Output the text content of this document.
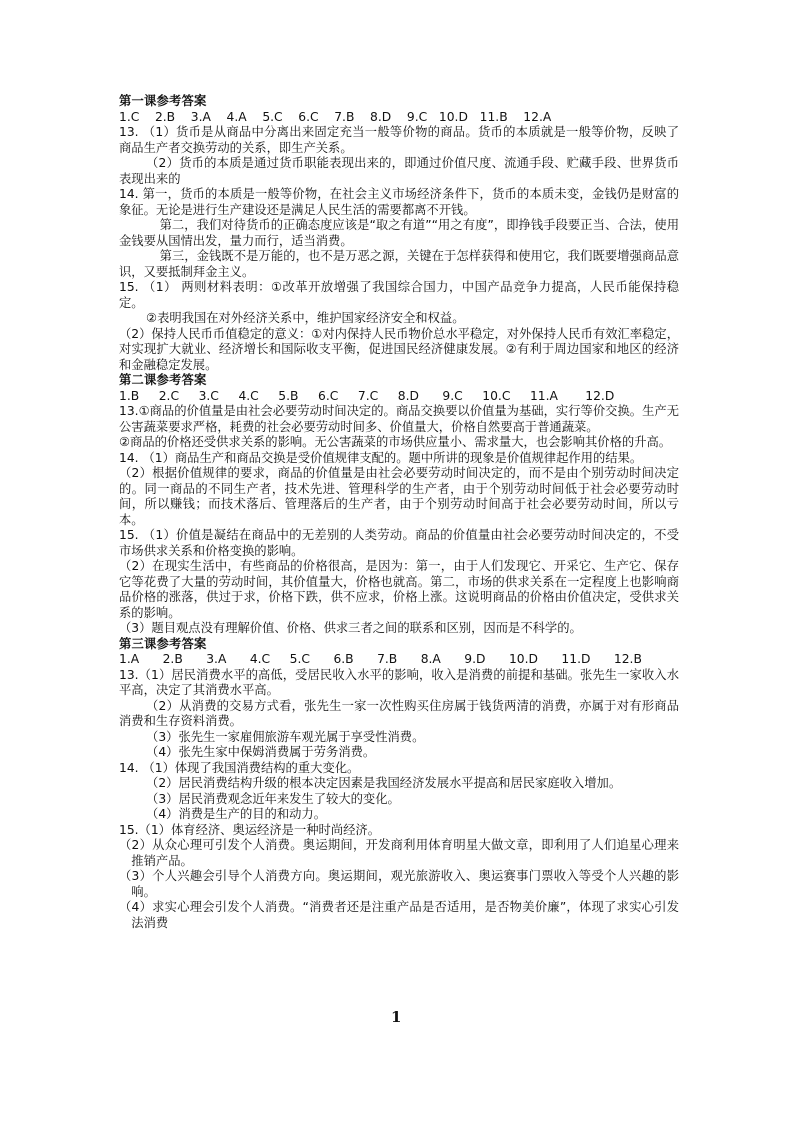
第一课参考答案

1.C    2.B    3.A    4.A    5.C    6.C    7.B    8.D    9.C   10.D   11.B    12.A

13. （1）货币是从商品中分离出来固定充当一般等价物的商品。货币的本质就是一般等价物，反映了商品生产者交换劳动的关系，即生产关系。

（2）货币的本质是通过货币职能表现出来的，即通过价值尺度、流通手段、贮藏手段、世界货币表现出来的

14. 第一，货币的本质是一般等价物，在社会主义市场经济条件下，货币的本质未变，金钱仍是财富的象征。无论是进行生产建设还是满足人民生活的需要都离不开钱。

第二，我们对待货币的正确态度应该是“取之有道”“用之有度”，即挣钱手段要正当、合法，使用金钱要从国情出发，量力而行，适当消费。

第三，金钱既不是万能的，也不是万恶之源，关键在于怎样获得和使用它，我们既要增强商品意识，又要抵制拜金主义。

15. （1） 两则材料表明：①改革开放增强了我国综合国力，中国产品竞争力提高，人民币能保持稳定。

②表明我国在对外经济关系中，维护国家经济安全和权益。

（2）保持人民币币值稳定的意义：①对内保持人民币物价总水平稳定，对外保持人民币有效汇率稳定，对实现扩大就业、经济增长和国际收支平衡，促进国民经济健康发展。②有利于周边国家和地区的经济和金融稳定发展。

第二课参考答案

1.B     2.C     3.C     4.C     5.B     6.C     7.C     8.D      9.C     10.C     11.A       12.D

13.①商品的价值量是由社会必要劳动时间决定的。商品交换要以价值量为基础，实行等价交换。生产无公害蔬菜要求严格，耗费的社会必要劳动时间多、价值量大，价格自然要高于普通蔬菜。

②商品的价格还受供求关系的影响。无公害蔬菜的市场供应量小、需求量大，也会影响其价格的升高。

14. （1）商品生产和商品交换是受价值规律支配的。题中所讲的现象是价值规律起作用的结果。

（2）根据价值规律的要求，商品的价值量是由社会必要劳动时间决定的，而不是由个别劳动时间决定的。同一商品的不同生产者，技术先进、管理科学的生产者，由于个别劳动时间低于社会必要劳动时间，所以赚钱；而技术落后、管理落后的生产者，由于个别劳动时间高于社会必要劳动时间，所以亏本。

15. （1）价值是凝结在商品中的无差别的人类劳动。商品的价值量由社会必要劳动时间决定的，不受市场供求关系和价格变换的影响。

（2）在现实生活中，有些商品的价格很高，是因为：第一，由于人们发现它、开采它、生产它、保存它等花费了大量的劳动时间，其价值量大，价格也就高。第二，市场的供求关系在一定程度上也影响商品价格的涨落，供过于求，价格下跌，供不应求，价格上涨。这说明商品的价格由价值决定，受供求关系的影响。

（3）题目观点没有理解价值、价格、供求三者之间的联系和区别，因而是不科学的。

第三课参考答案

1.A      2.B      3.A      4.C     5.C      6.B      7.B      8.A      9.D      10.D      11.D      12.B

13.（1）居民消费水平的高低，受居民收入水平的影响，收入是消费的前提和基础。张先生一家收入水平高，决定了其消费水平高。

（2）从消费的交易方式看，张先生一家一次性购买住房属于钱货两清的消费，亦属于对有形商品消费和生存资料消费。

（3）张先生一家雇佣旅游车观光属于享受性消费。

（4）张先生家中保姆消费属于劳务消费。

14. （1）体现了我国消费结构的重大变化。

（2）居民消费结构升级的根本决定因素是我国经济发展水平提高和居民家庭收入增加。

（3）居民消费观念近年来发生了较大的变化。

（4）消费是生产的目的和动力。

15.（1）体育经济、奥运经济是一种时尚经济。

（2）从众心理可引发个人消费。奥运期间，开发商利用体育明星大做文章，即利用了人们追星心理来推销产品。

（3）个人兴趣会引导个人消费方向。奥运期间，观光旅游收入、奥运赛事门票收入等受个人兴趣的影响。

（4）求实心理会引发个人消费。“消费者还是注重产品是否适用，是否物美价廉”，体现了求实心引发法消费

1
